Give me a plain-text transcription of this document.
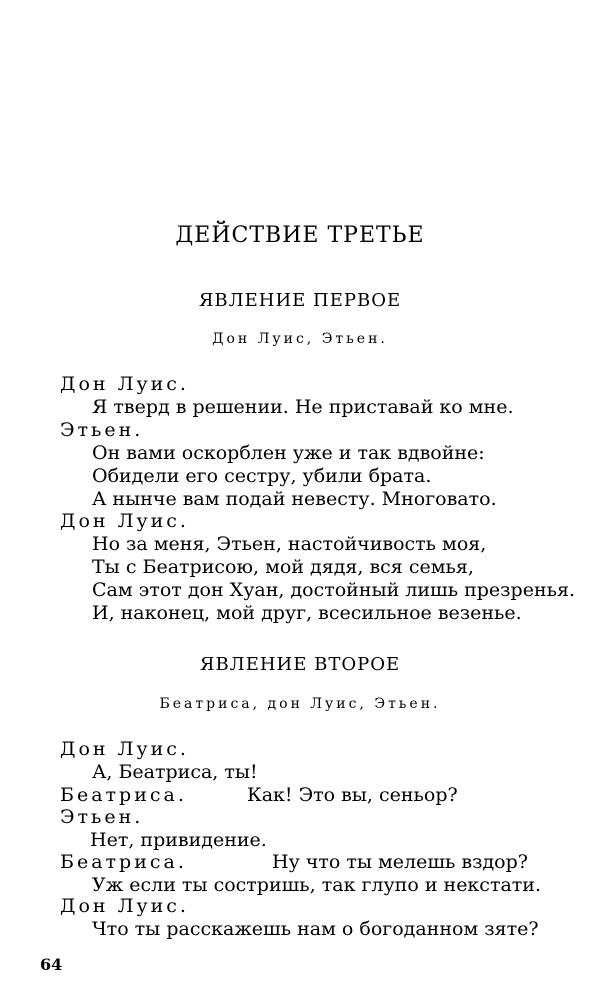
ДЕЙСТВИЕ ТРЕТЬЕ
ЯВЛЕНИЕ ПЕРВОЕ
Дон Луис, Этьен.
Дон Луис.
Я тверд в решении. Не приставай ко мне.
Этьен.
Он вами оскорблен уже и так вдвойне:
Обидели его сестру, убили брата.
А нынче вам подай невесту. Многовато.
Дон Луис.
Но за меня, Этьен, настойчивость моя,
Ты с Беатрисою, мой дядя, вся семья,
Сам этот дон Хуан, достойный лишь презренья.
И, наконец, мой друг, всесильное везенье.
ЯВЛЕНИЕ ВТОРОЕ
Беатриса, дон Луис, Этьен.
Дон Луис.
А, Беатриса, ты!
Беатриса.	Как! Это вы, сеньор?
Этьен.
Нет, привидение.
Беатриса.	Ну что ты мелешь вздор?
Уж если ты состришь, так глупо и некстати.
Дон Луис.
Что ты расскажешь нам о богоданном зяте?
64
